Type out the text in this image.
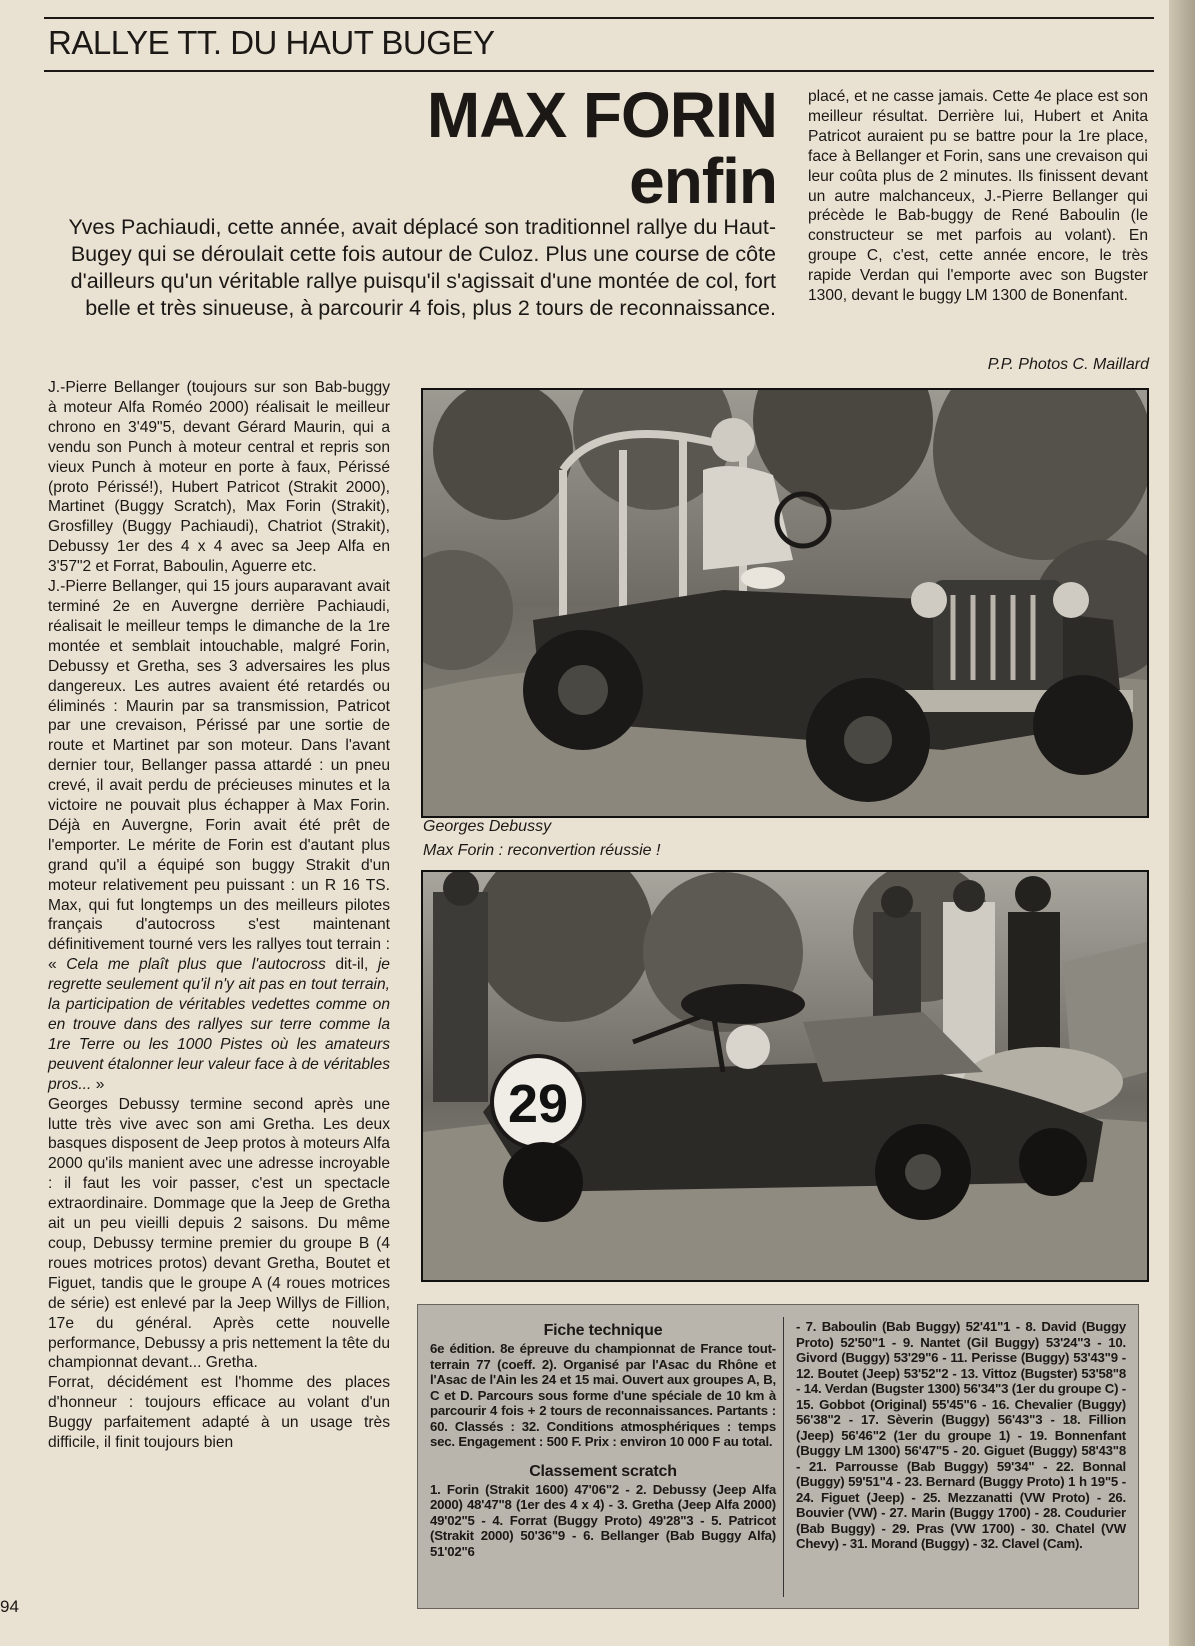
RALLYE TT. DU HAUT BUGEY
MAX FORIN
enfin
Yves Pachiaudi, cette année, avait déplacé son traditionnel rallye du Haut-Bugey qui se déroulait cette fois autour de Culoz. Plus une course de côte d'ailleurs qu'un véritable rallye puisqu'il s'agissait d'une montée de col, fort belle et très sinueuse, à parcourir 4 fois, plus 2 tours de reconnaissance.

J.-Pierre Bellanger (toujours sur son Bab-buggy à moteur Alfa Roméo 2000) réalisait le meilleur chrono en 3'49"5, devant Gérard Maurin, qui a vendu son Punch à moteur central et repris son vieux Punch à moteur en porte à faux, Périssé (proto Périssé!), Hubert Patricot (Strakit 2000), Martinet (Buggy Scratch), Max Forin (Strakit), Grosfilley (Buggy Pachiaudi), Chatriot (Strakit), Debussy 1er des 4 x 4 avec sa Jeep Alfa en 3'57"2 et Forrat, Baboulin, Aguerre etc.

J.-Pierre Bellanger, qui 15 jours auparavant avait terminé 2e en Auvergne derrière Pachiaudi, réalisait le meilleur temps le dimanche de la 1re montée et semblait intouchable, malgré Forin, Debussy et Gretha, ses 3 adversaires les plus dangereux. Les autres avaient été retardés ou éliminés : Maurin par sa transmission, Patricot par une crevaison, Périssé par une sortie de route et Martinet par son moteur. Dans l'avant dernier tour, Bellanger passa attardé : un pneu crevé, il avait perdu de précieuses minutes et la victoire ne pouvait plus échapper à Max Forin. Déjà en Auvergne, Forin avait été prêt de l'emporter. Le mérite de Forin est d'autant plus grand qu'il a équipé son buggy Strakit d'un moteur relativement peu puissant : un R 16 TS. Max, qui fut longtemps un des meilleurs pilotes français d'autocross s'est maintenant définitivement tourné vers les rallyes tout terrain : « Cela me plaît plus que l'autocross dit-il, je regrette seulement qu'il n'y ait pas en tout terrain, la participation de véritables vedettes comme on en trouve dans des rallyes sur terre comme la 1re Terre ou les 1000 Pistes où les amateurs peuvent étalonner leur valeur face à de véritables pros... »

Georges Debussy termine second après une lutte très vive avec son ami Gretha. Les deux basques disposent de Jeep protos à moteurs Alfa 2000 qu'ils manient avec une adresse incroyable : il faut les voir passer, c'est un spectacle extraordinaire. Dommage que la Jeep de Gretha ait un peu vieilli depuis 2 saisons. Du même coup, Debussy termine premier du groupe B (4 roues motrices protos) devant Gretha, Boutet et Figuet, tandis que le groupe A (4 roues motrices de série) est enlevé par la Jeep Willys de Fillion, 17e du général. Après cette nouvelle performance, Debussy a pris nettement la tête du championnat devant... Gretha.

Forrat, décidément est l'homme des places d'honneur : toujours efficace au volant d'un Buggy parfaitement adapté à un usage très difficile, il finit toujours bien

placé, et ne casse jamais. Cette 4e place est son meilleur résultat. Derrière lui, Hubert et Anita Patricot auraient pu se battre pour la 1re place, face à Bellanger et Forin, sans une crevaison qui leur coûta plus de 2 minutes. Ils finissent devant un autre malchanceux, J.-Pierre Bellanger qui précède le Bab-buggy de René Baboulin (le constructeur se met parfois au volant). En groupe C, c'est, cette année encore, le très rapide Verdan qui l'emporte avec son Bugster 1300, devant le buggy LM 1300 de Bonenfant.

P.P. Photos C. Maillard
Georges Debussy
Max Forin : reconvertion réussie !
29

Fiche technique

6e édition. 8e épreuve du championnat de France tout-terrain 77 (coeff. 2). Organisé par l'Asac du Rhône et l'Asac de l'Ain les 24 et 15 mai. Ouvert aux groupes A, B, C et D. Parcours sous forme d'une spéciale de 10 km à parcourir 4 fois + 2 tours de reconnaissances. Partants : 60. Classés : 32. Conditions atmosphériques : temps sec. Engagement : 500 F. Prix : environ 10 000 F au total.

Classement scratch

1. Forin (Strakit 1600) 47'06"2 - 2. Debussy (Jeep Alfa 2000) 48'47"8 (1er des 4 x 4) - 3. Gretha (Jeep Alfa 2000) 49'02"5 - 4. Forrat (Buggy Proto) 49'28"3 - 5. Patricot (Strakit 2000) 50'36"9 - 6. Bellanger (Bab Buggy Alfa) 51'02"6

- 7. Baboulin (Bab Buggy) 52'41"1 - 8. David (Buggy Proto) 52'50"1 - 9. Nantet (Gil Buggy) 53'24"3 - 10. Givord (Buggy) 53'29"6 - 11. Perisse (Buggy) 53'43"9 - 12. Boutet (Jeep) 53'52"2 - 13. Vittoz (Bugster) 53'58"8 - 14. Verdan (Bugster 1300) 56'34"3 (1er du groupe C) - 15. Gobbot (Original) 55'45"6 - 16. Chevalier (Buggy) 56'38"2 - 17. Sèverin (Buggy) 56'43"3 - 18. Fillion (Jeep) 56'46"2 (1er du groupe 1) - 19. Bonnenfant (Buggy LM 1300) 56'47"5 - 20. Giguet (Buggy) 58'43"8 - 21. Parrousse (Bab Buggy) 59'34" - 22. Bonnal (Buggy) 59'51"4 - 23. Bernard (Buggy Proto) 1 h 19"5 - 24. Figuet (Jeep) - 25. Mezzanatti (VW Proto) - 26. Bouvier (VW) - 27. Marin (Buggy 1700) - 28. Coudurier (Bab Buggy) - 29. Pras (VW 1700) - 30. Chatel (VW Chevy) - 31. Morand (Buggy) - 32. Clavel (Cam).

94
